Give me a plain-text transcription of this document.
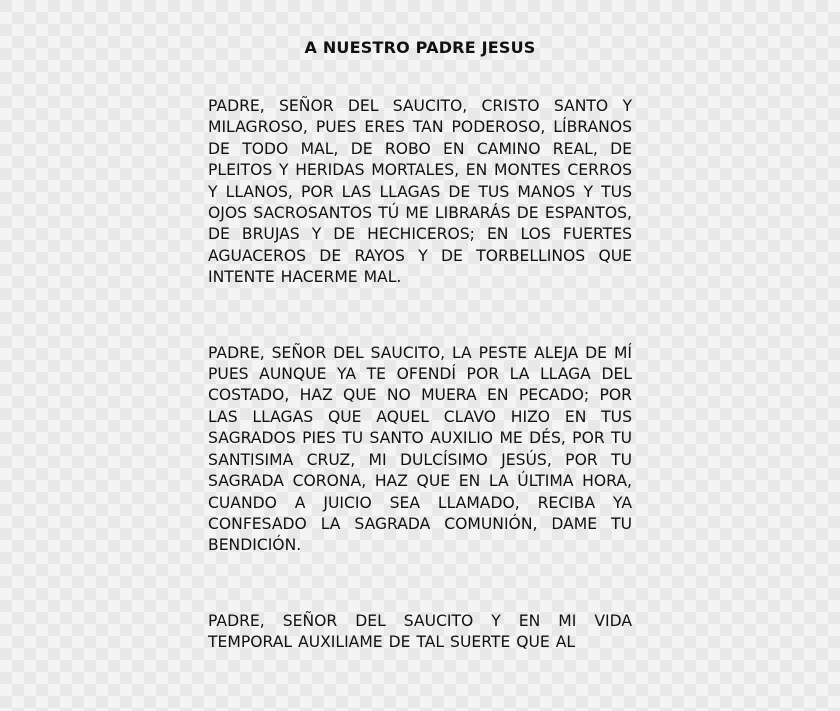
A NUESTRO PADRE JESUS

PADRE, SEÑOR DEL SAUCITO, CRISTO SANTO Y MILAGROSO, PUES ERES TAN PODEROSO, LÍBRANOS DE TODO MAL, DE ROBO EN CAMINO REAL, DE PLEITOS Y HERIDAS MORTALES, EN MONTES CERROS Y LLANOS, POR LAS LLAGAS DE TUS MANOS Y TUS OJOS SACROSANTOS TÚ ME LIBRARÁS DE ESPANTOS, DE BRUJAS Y DE HECHICEROS; EN LOS FUERTES AGUACEROS DE RAYOS Y DE TORBELLINOS QUE INTENTE HACERME MAL.

PADRE, SEÑOR DEL SAUCITO, LA PESTE ALEJA DE MÍ PUES AUNQUE YA TE OFENDÍ POR LA LLAGA DEL COSTADO, HAZ QUE NO MUERA EN PECADO; POR LAS LLAGAS QUE AQUEL CLAVO HIZO EN TUS SAGRADOS PIES TU SANTO AUXILIO ME DÉS, POR TU SANTISIMA CRUZ, MI DULCÍSIMO JESÚS, POR TU SAGRADA CORONA, HAZ QUE EN LA ÚLTIMA HORA, CUANDO A JUICIO SEA LLAMADO, RECIBA YA CONFESADO LA SAGRADA COMUNIÓN, DAME TU BENDICIÓN.

PADRE, SEÑOR DEL SAUCITO Y EN MI VIDA TEMPORAL AUXILIAME DE TAL SUERTE QUE AL
